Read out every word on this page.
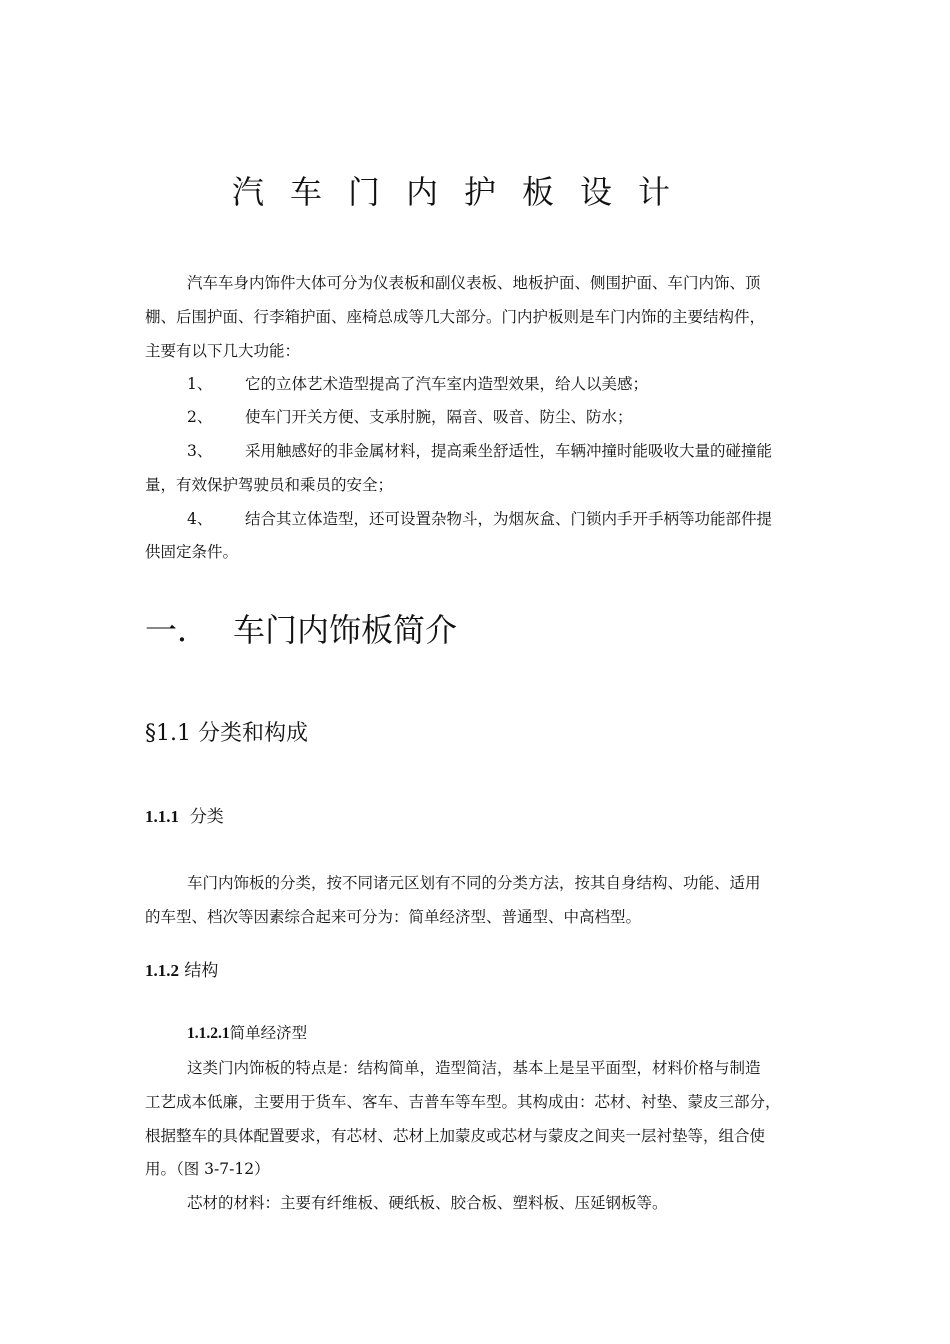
汽车门内护板设计
汽车车身内饰件大体可分为仪表板和副仪表板、地板护面、侧围护面、车门内饰、顶
棚、后围护面、行李箱护面、座椅总成等几大部分。门内护板则是车门内饰的主要结构件，
主要有以下几大功能：
1、 它的立体艺术造型提高了汽车室内造型效果，给人以美感；
2、 使车门开关方便、支承肘腕，隔音、吸音、防尘、防水；
3、 采用触感好的非金属材料，提高乘坐舒适性，车辆冲撞时能吸收大量的碰撞能
量，有效保护驾驶员和乘员的安全；
4、 结合其立体造型，还可设置杂物斗，为烟灰盒、门锁内手开手柄等功能部件提
供固定条件。
一． 车门内饰板简介
§1.1 分类和构成
1.1.1 分类
车门内饰板的分类，按不同诸元区划有不同的分类方法，按其自身结构、功能、适用
的车型、档次等因素综合起来可分为：简单经济型、普通型、中高档型。
1.1.2 结构
1.1.2.1简单经济型
这类门内饰板的特点是：结构简单，造型简洁，基本上是呈平面型，材料价格与制造
工艺成本低廉，主要用于货车、客车、吉普车等车型。其构成由：芯材、衬垫、蒙皮三部分，
根据整车的具体配置要求，有芯材、芯材上加蒙皮或芯材与蒙皮之间夹一层衬垫等，组合使
用。（图 3-7-12）
芯材的材料：主要有纤维板、硬纸板、胶合板、塑料板、压延钢板等。
